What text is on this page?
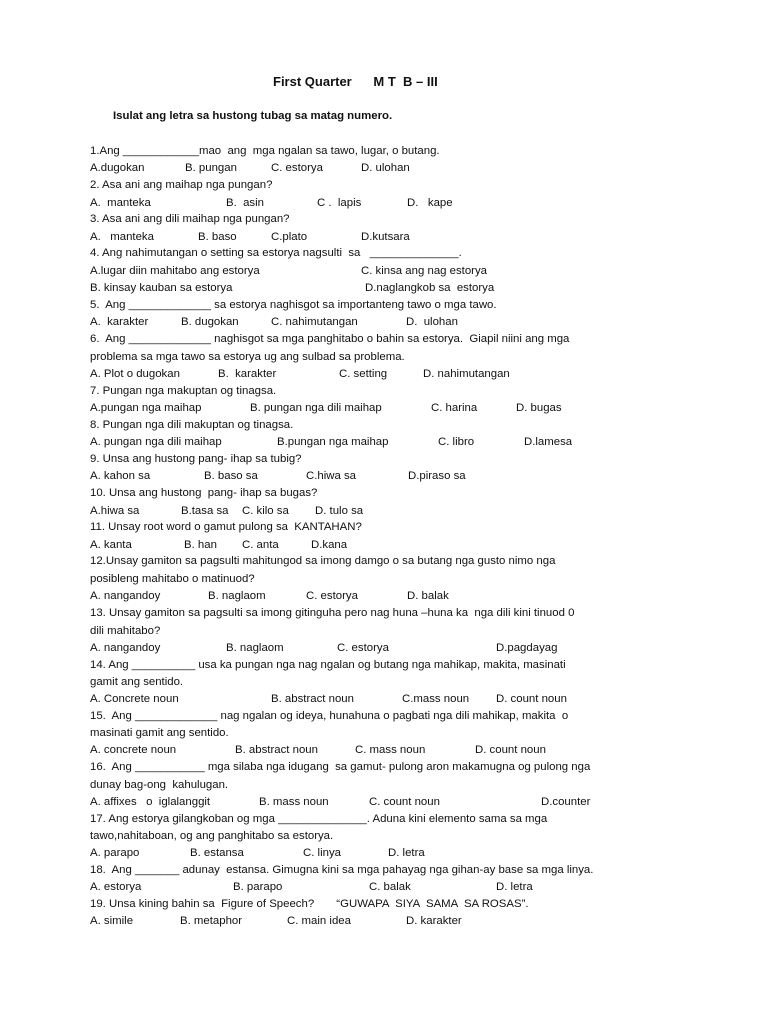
First Quarter      M T  B – III
Isulat ang letra sa hustong tubag sa matag numero.
1.Ang ____________mao  ang  mga ngalan sa tawo, lugar, o butang.
A.dugokan	B. pungan	C. estorya	D. ulohan
2. Asa ani ang maihap nga pungan?
A.  manteka	B.  asin	C .  lapis	D.   kape
3. Asa ani ang dili maihap nga pungan?
A.   manteka	B. baso	C.plato	D.kutsara
4. Ang nahimutangan o setting sa estorya nagsulti  sa   ______________.
A.lugar diin mahitabo ang estorya	C. kinsa ang nag estorya
B. kinsay kauban sa estorya	D.naglangkob sa  estorya
5.  Ang _____________ sa estorya naghisgot sa importanteng tawo o mga tawo.
A.  karakter	B. dugokan	C. nahimutangan	D.  ulohan
6.  Ang _____________ naghisgot sa mga panghitabo o bahin sa estorya.  Giapil niini ang mga
problema sa mga tawo sa estorya ug ang sulbad sa problema.
A. Plot o dugokan	B.  karakter	C. setting	D. nahimutangan
7. Pungan nga makuptan og tinagsa.
A.pungan nga maihap	B. pungan nga dili maihap	C. harina	D. bugas
8. Pungan nga dili makuptan og tinagsa.
A. pungan nga dili maihap	B.pungan nga maihap	C. libro	D.lamesa
9. Unsa ang hustong pang- ihap sa tubig?
A. kahon sa	B. baso sa	C.hiwa sa	D.piraso sa
10. Unsa ang hustong  pang- ihap sa bugas?
A.hiwa sa	B.tasa sa C. kilo sa D. tulo sa
11. Unsay root word o gamut pulong sa  KANTAHAN?
A. kanta	B. han C. anta	D.kana
12.Unsay gamiton sa pagsulti mahitungod sa imong damgo o sa butang nga gusto nimo nga
posibleng mahitabo o matinuod?
A. nangandoy	B. naglaom	C. estorya	D. balak
13. Unsay gamiton sa pagsulti sa imong gitinguha pero nag huna –huna ka  nga dili kini tinuod 0
dili mahitabo?
A. nangandoy	B. naglaom	C. estorya	D.pagdayag
14. Ang __________ usa ka pungan nga nag ngalan og butang nga mahikap, makita, masinati
gamit ang sentido.
A. Concrete noun	B. abstract noun	C.mass noun D. count noun
15.  Ang _____________ nag ngalan og ideya, hunahuna o pagbati nga dili mahikap, makita  o
masinati gamit ang sentido.
A. concrete noun	B. abstract noun	C. mass noun	D. count noun
16.  Ang ___________ mga silaba nga idugang  sa gamut- pulong aron makamugna og pulong nga
dunay bag-ong  kahulugan.
A. affixes   o  iglalanggit	B. mass noun	C. count noun	D.counter
17. Ang estorya gilangkoban og mga ______________. Aduna kini elemento sama sa mga
tawo,nahitaboan, og ang panghitabo sa estorya.
A. parapo	B. estansa	C. linya	D. letra
18.  Ang _______ adunay  estansa. Gimugna kini sa mga pahayag nga gihan-ay base sa mga linya.
A. estorya	B. parapo	C. balak	D. letra
19. Unsa kining bahin sa  Figure of Speech?       “GUWAPA  SIYA  SAMA  SA ROSAS”.
A. simile	B. metaphor	C. main idea	D. karakter
